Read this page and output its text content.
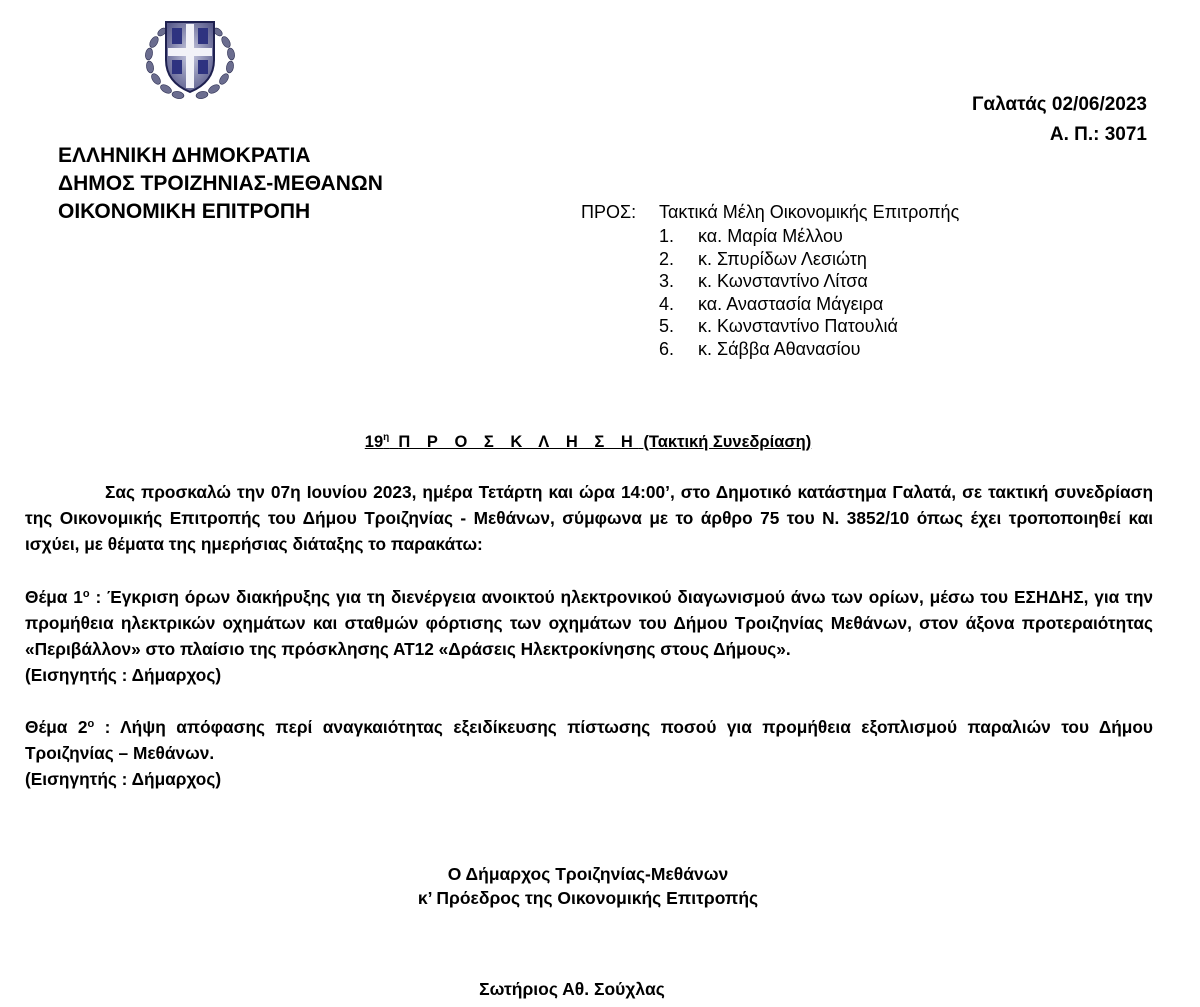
Γαλατάς 02/06/2023
Α. Π.: 3071
ΕΛΛΗΝΙΚΗ ΔΗΜΟΚΡΑΤΙΑ
ΔΗΜΟΣ ΤΡΟΙΖΗΝΙΑΣ-ΜΕΘΑΝΩΝ
ΟΙΚΟΝΟΜΙΚΗ ΕΠΙΤΡΟΠΗ	ΠΡΟΣ: Τακτικά Μέλη Οικονομικής Επιτροπής
1. κα. Μαρία Μέλλου
2. κ. Σπυρίδων Λεσιώτη
3. κ. Κωνσταντίνο Λίτσα
4. κα. Αναστασία Μάγειρα
5. κ. Κωνσταντίνο Πατουλιά
6. κ. Σάββα Αθανασίου
$19^\eta$ Π Ρ Ο Σ Κ Λ Η Σ Η (Τακτική Συνεδρίαση)
Σας προσκαλώ την 07η Ιουνίου 2023, ημέρα Τετάρτη και ώρα 14:00’, στο Δημοτικό κατάστημα Γαλατά, σε τακτική συνεδρίαση της Οικονομικής Επιτροπής του Δήμου Τροιζηνίας - Μεθάνων, σύμφωνα με το άρθρο 75 του Ν. 3852/10 όπως έχει τροποποιηθεί και ισχύει, με θέματα της ημερήσιας διάταξης το παρακάτω:
Θέμα $1^o$ : Έγκριση όρων διακήρυξης για τη διενέργεια ανοικτού ηλεκτρονικού διαγωνισμού άνω των ορίων, μέσω του ΕΣΗΔΗΣ, για την προμήθεια ηλεκτρικών οχημάτων και σταθμών φόρτισης των οχημάτων του Δήμου Τροιζηνίας Μεθάνων, στον άξονα προτεραιότητας «Περιβάλλον» στο πλαίσιο της πρόσκλησης ΑΤ12 «Δράσεις Ηλεκτροκίνησης στους Δήμους».
(Εισηγητής : Δήμαρχος)
Θέμα $2^o$ : Λήψη απόφασης περί αναγκαιότητας εξειδίκευσης πίστωσης ποσού για προμήθεια εξοπλισμού παραλιών του Δήμου Τροιζηνίας – Μεθάνων.
(Εισηγητής : Δήμαρχος)
Ο Δήμαρχος Τροιζηνίας-Μεθάνων
κ’ Πρόεδρος της Οικονομικής Επιτροπής
Σωτήριος Αθ. Σούχλας
